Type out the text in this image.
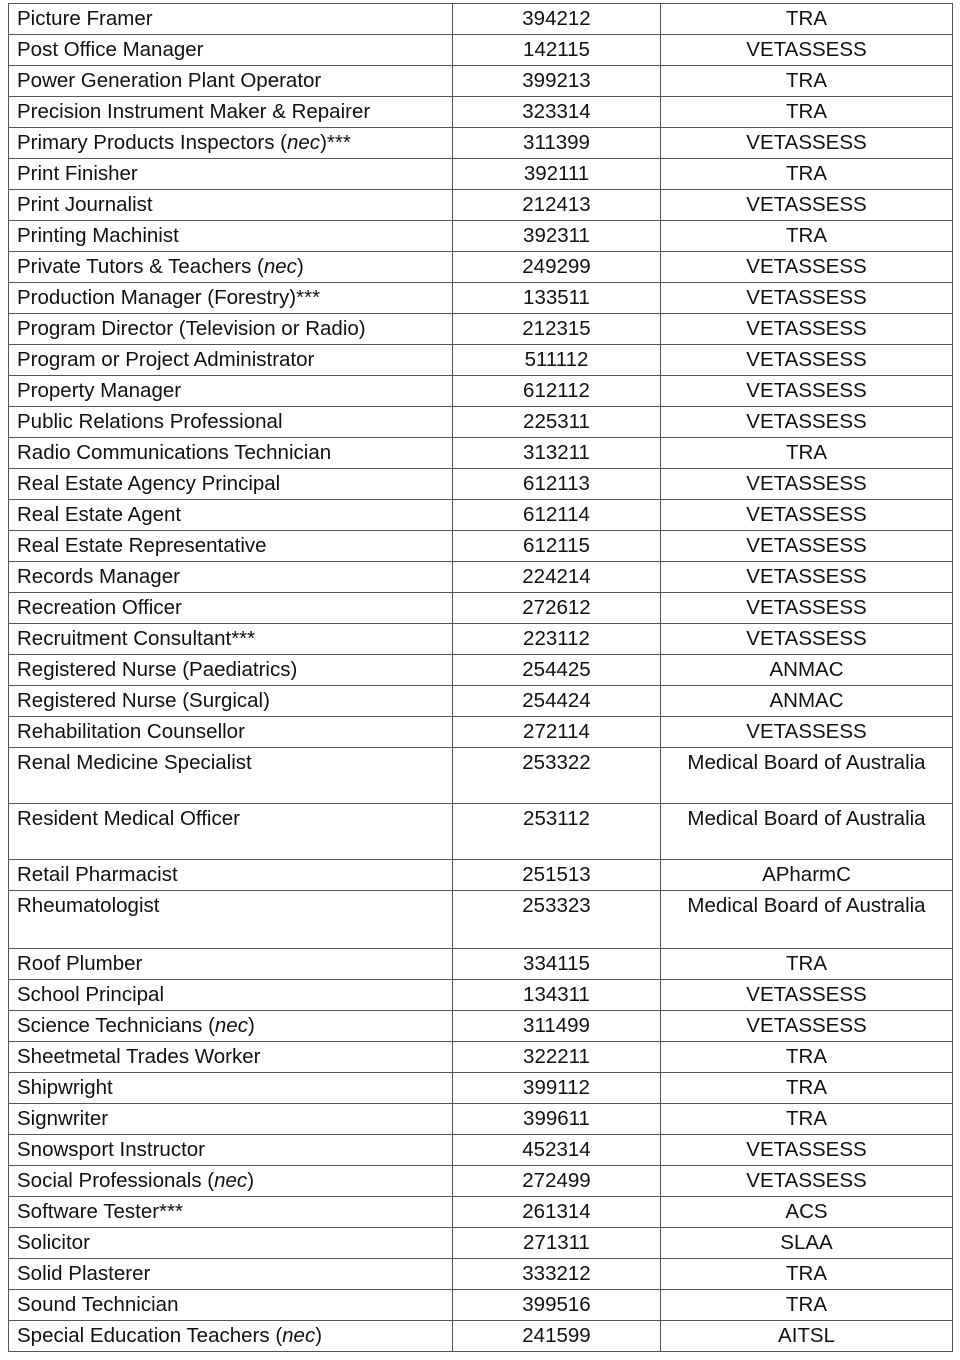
Picture Framer	394212	TRA
Post Office Manager	142115	VETASSESS
Power Generation Plant Operator	399213	TRA
Precision Instrument Maker & Repairer	323314	TRA
Primary Products Inspectors (nec)***	311399	VETASSESS
Print Finisher	392111	TRA
Print Journalist	212413	VETASSESS
Printing Machinist	392311	TRA
Private Tutors & Teachers (nec)	249299	VETASSESS
Production Manager (Forestry)***	133511	VETASSESS
Program Director (Television or Radio)	212315	VETASSESS
Program or Project Administrator	511112	VETASSESS
Property Manager	612112	VETASSESS
Public Relations Professional	225311	VETASSESS
Radio Communications Technician	313211	TRA
Real Estate Agency Principal	612113	VETASSESS
Real Estate Agent	612114	VETASSESS
Real Estate Representative	612115	VETASSESS
Records Manager	224214	VETASSESS
Recreation Officer	272612	VETASSESS
Recruitment Consultant***	223112	VETASSESS
Registered Nurse (Paediatrics)	254425	ANMAC
Registered Nurse (Surgical)	254424	ANMAC
Rehabilitation Counsellor	272114	VETASSESS
Renal Medicine Specialist	253322	Medical Board of Australia
Resident Medical Officer	253112	Medical Board of Australia
Retail Pharmacist	251513	APharmC
Rheumatologist	253323	Medical Board of Australia
Roof Plumber	334115	TRA
School Principal	134311	VETASSESS
Science Technicians (nec)	311499	VETASSESS
Sheetmetal Trades Worker	322211	TRA
Shipwright	399112	TRA
Signwriter	399611	TRA
Snowsport Instructor	452314	VETASSESS
Social Professionals (nec)	272499	VETASSESS
Software Tester***	261314	ACS
Solicitor	271311	SLAA
Solid Plasterer	333212	TRA
Sound Technician	399516	TRA
Special Education Teachers (nec)	241599	AITSL
